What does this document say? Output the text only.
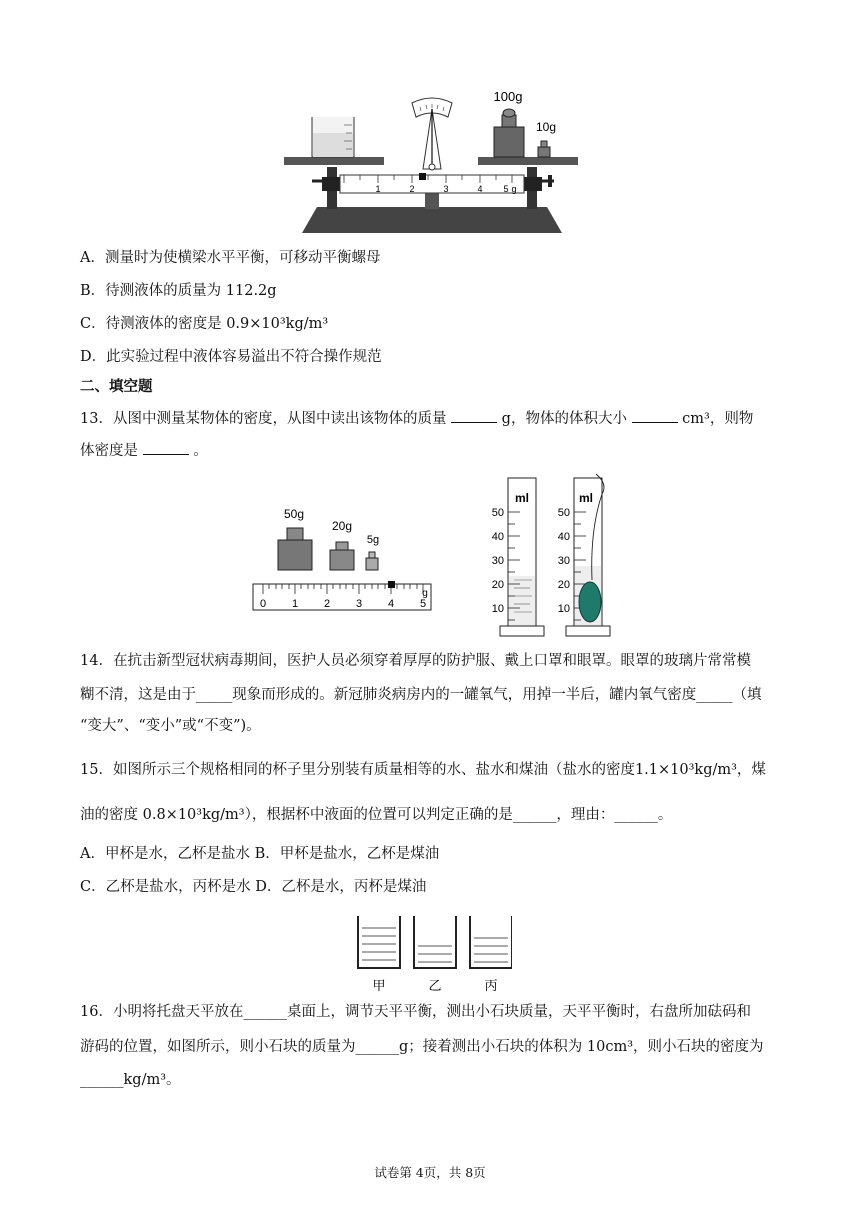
1	2	3	4 5 g
100g
10g
A．测量时为使横梁水平平衡，可移动平衡螺母
B．待测液体的质量为 112.2g
C．待测液体的密度是 0.9×10³kg/m³
D．此实验过程中液体容易溢出不符合操作规范
二、填空题
13．从图中测量某物体的密度，从图中读出该物体的质量	g，物体的体积大小	cm³，则物
体密度是	。
50g
20g
5g
0 1 2 3 4 5
g
ml
50
40
30
20
10
ml
50
40
30
20
10
14．在抗击新型冠状病毒期间，医护人员必须穿着厚厚的防护服、戴上口罩和眼罩。眼罩的玻璃片常常模
糊不清，这是由于_____现象而形成的。新冠肺炎病房内的一罐氧气，用掉一半后，罐内氧气密度_____（填
“变大”、“变小”或“不变”)。
15．如图所示三个规格相同的杯子里分别装有质量相等的水、盐水和煤油（盐水的密度1.1×10³kg/m³，煤
油的密度 0.8×10³kg/m³），根据杯中液面的位置可以判定正确的是______，理由：______。
A．甲杯是水，乙杯是盐水 B．甲杯是盐水，乙杯是煤油
C．乙杯是盐水，丙杯是水 D．乙杯是水，丙杯是煤油
甲	乙	丙
16．小明将托盘天平放在______桌面上，调节天平平衡，测出小石块质量，天平平衡时，右盘所加砝码和
游码的位置，如图所示，则小石块的质量为______g；接着测出小石块的体积为 10cm³，则小石块的密度为
______kg/m³。
试卷第 4页，共 8页
